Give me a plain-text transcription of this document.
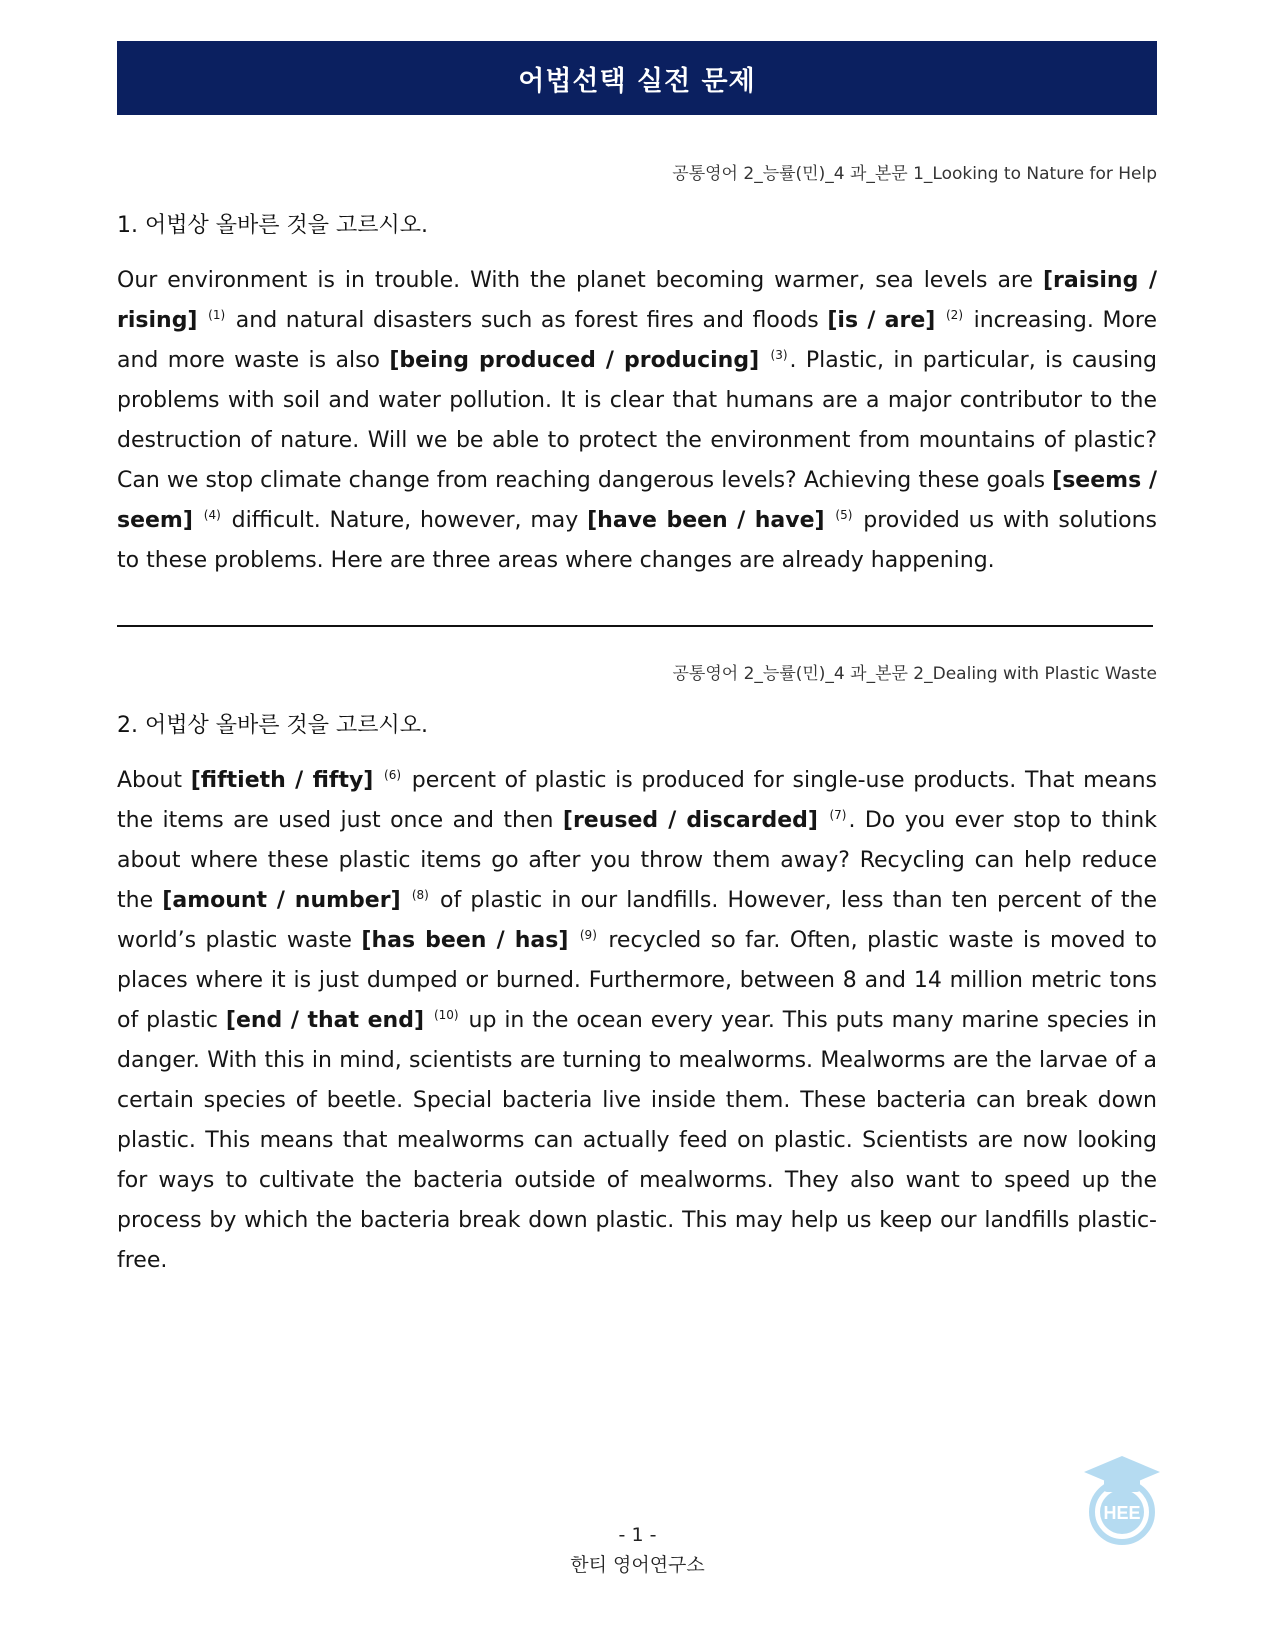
어법선택 실전 문제
공통영어 2_능률(민)_4 과_본문 1_Looking to Nature for Help
1. 어법상 올바른 것을 고르시오.
Our environment is in trouble. With the planet becoming warmer, sea levels are [raising / rising] $^{(1)}$ and natural disasters such as forest fires and floods [is / are] $^{(2)}$ increasing. More and more waste is also [being produced / producing] $^{(3)}$. Plastic, in particular, is causing problems with soil and water pollution. It is clear that humans are a major contributor to the destruction of nature. Will we be able to protect the environment from mountains of plastic? Can we stop climate change from reaching dangerous levels? Achieving these goals [seems / seem] $^{(4)}$ difficult. Nature, however, may [have been / have] $^{(5)}$ provided us with solutions to these problems. Here are three areas where changes are already happening.
공통영어 2_능률(민)_4 과_본문 2_Dealing with Plastic Waste
2. 어법상 올바른 것을 고르시오.
About [fiftieth / fifty] $^{(6)}$ percent of plastic is produced for single-use products. That means the items are used just once and then [reused / discarded] $^{(7)}$. Do you ever stop to think about where these plastic items go after you throw them away? Recycling can help reduce the [amount / number] $^{(8)}$ of plastic in our landfills. However, less than ten percent of the world’s plastic waste [has been / has] $^{(9)}$ recycled so far. Often, plastic waste is moved to places where it is just dumped or burned. Furthermore, between 8 and 14 million metric tons of plastic [end / that end] $^{(10)}$ up in the ocean every year. This puts many marine species in danger. With this in mind, scientists are turning to mealworms. Mealworms are the larvae of a certain species of beetle. Special bacteria live inside them. These bacteria can break down plastic. This means that mealworms can actually feed on plastic. Scientists are now looking for ways to cultivate the bacteria outside of mealworms. They also want to speed up the process by which the bacteria break down plastic. This may help us keep our landfills plastic-free.
HEE
- 1 -
한티 영어연구소
